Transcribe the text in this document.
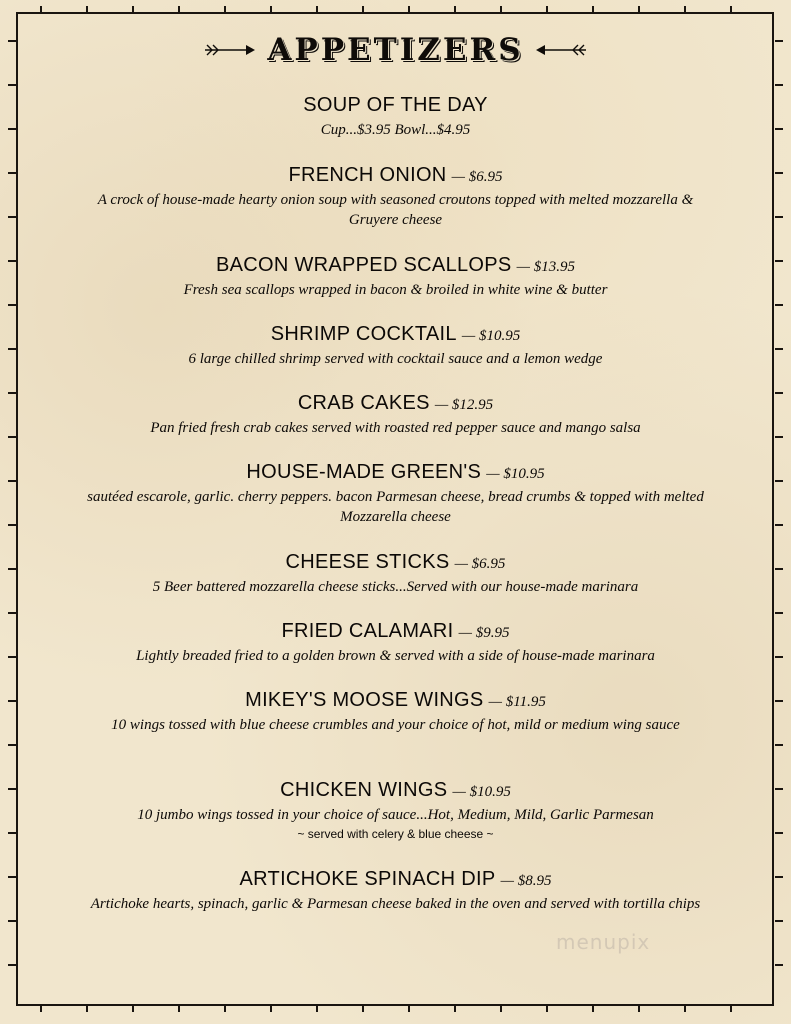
APPETIZERS
SOUP OF THE DAY
Cup...$3.95 Bowl...$4.95
FRENCH ONION — $6.95
A crock of house-made hearty onion soup with seasoned croutons topped with melted mozzarella & Gruyere cheese
BACON WRAPPED SCALLOPS — $13.95
Fresh sea scallops wrapped in bacon & broiled in white wine & butter
SHRIMP COCKTAIL — $10.95
6 large chilled shrimp served with cocktail sauce and a lemon wedge
CRAB CAKES — $12.95
Pan fried fresh crab cakes served with roasted red pepper sauce and mango salsa
HOUSE-MADE GREEN'S — $10.95
sautéed escarole, garlic. cherry peppers. bacon Parmesan cheese, bread crumbs & topped with melted Mozzarella cheese
CHEESE STICKS — $6.95
5 Beer battered mozzarella cheese sticks...Served with our house-made marinara
FRIED CALAMARI — $9.95
Lightly breaded fried to a golden brown & served with a side of house-made marinara
MIKEY'S MOOSE WINGS — $11.95
10 wings tossed with blue cheese crumbles and your choice of hot, mild or medium wing sauce
CHICKEN WINGS — $10.95
10 jumbo wings tossed in your choice of sauce...Hot, Medium, Mild, Garlic Parmesan
~ served with celery & blue cheese ~
ARTICHOKE SPINACH DIP — $8.95
Artichoke hearts, spinach, garlic & Parmesan cheese baked in the oven and served with tortilla chips
menupix
